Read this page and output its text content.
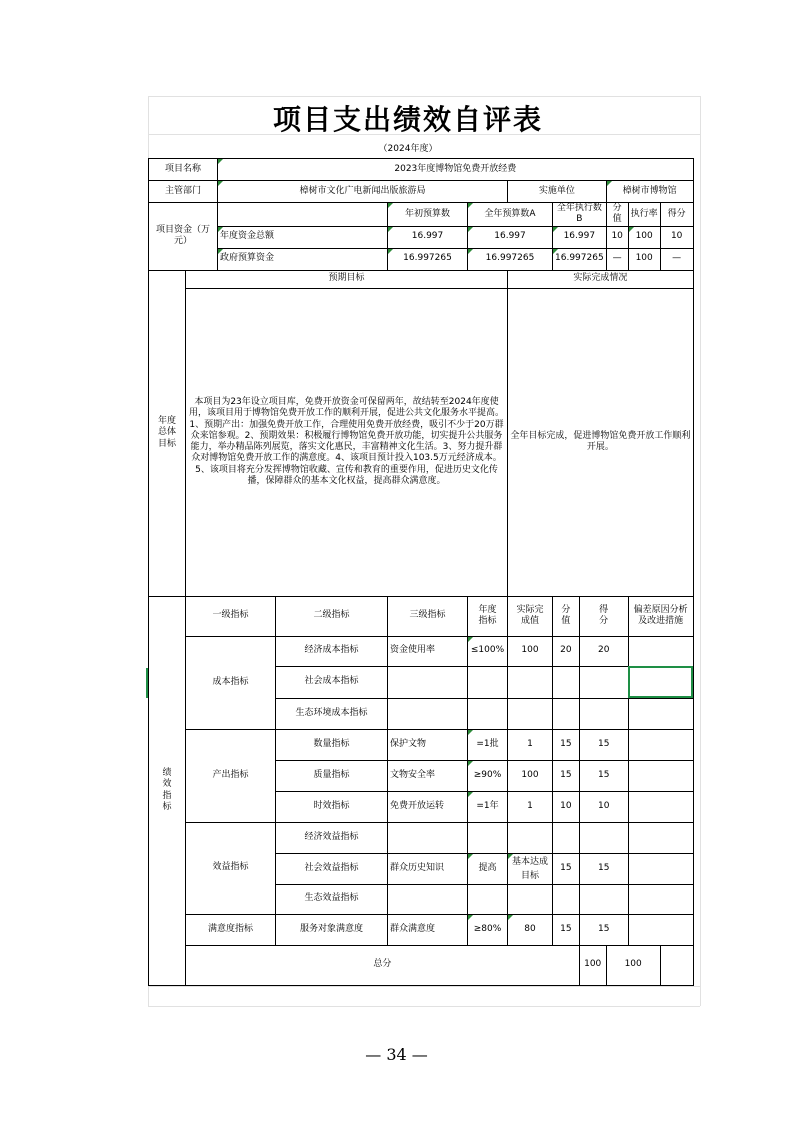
项目支出绩效自评表
（2024年度）
项目名称		2023年度博物馆免费开放经费									
主管部门		樟树市文化广电新闻出版旅游局				实施单位			樟树市博物馆		
项目资金（万元）				年初预算数	全年预算数A		全年执行数B		分值	执行率	得分
		年度资金总额		16.997	16.997		16.997		10	100	10
		政府预算资金		16.997265	16.997265		16.997265		—	100	—
年度总体目标	预期目标					实际完成情况					
	本项目为23年设立项目库，免费开放资金可保留两年，故结转至2024年度使用，该项目用于博物馆免费开放工作的顺利开展，促进公共文化服务水平提高。1、预期产出：加强免费开放工作，合理使用免费开放经费，吸引不少于20万群众来馆参观。2、预期效果：积极履行博物馆免费开放功能，切实提升公共服务能力，举办精品陈列展览，落实文化惠民，丰富精神文化生活。3、努力提升群众对博物馆免费开放工作的满意度。4、该项目预计投入103.5万元经济成本。5、该项目将充分发挥博物馆收藏、宣传和教育的重要作用，促进历史文化传播，保障群众的基本文化权益，提高群众满意度。					全年目标完成，促进博物馆免费开放工作顺利开展。					
绩效指标	一级指标		二级指标	三级指标	年度指标	实际完成值	分值	得分		偏差原因分析及改进措施	
	成本指标		经济成本指标	资金使用率	≤100%	100	20	20			
			社会成本指标								
			生态环境成本指标								
	产出指标		数量指标	保护文物	=1批	1	15	15			
			质量指标	文物安全率	≥90%	100	15	15			
			时效指标	免费开放运转	=1年	1	10	10			
	效益指标		经济效益指标								
			社会效益指标	群众历史知识	提高	基本达成目标	15	15			
			生态效益指标								
	满意度指标		服务对象满意度	群众满意度	≥80%	80	15	15			
	总分							100	100		
— 34 —
